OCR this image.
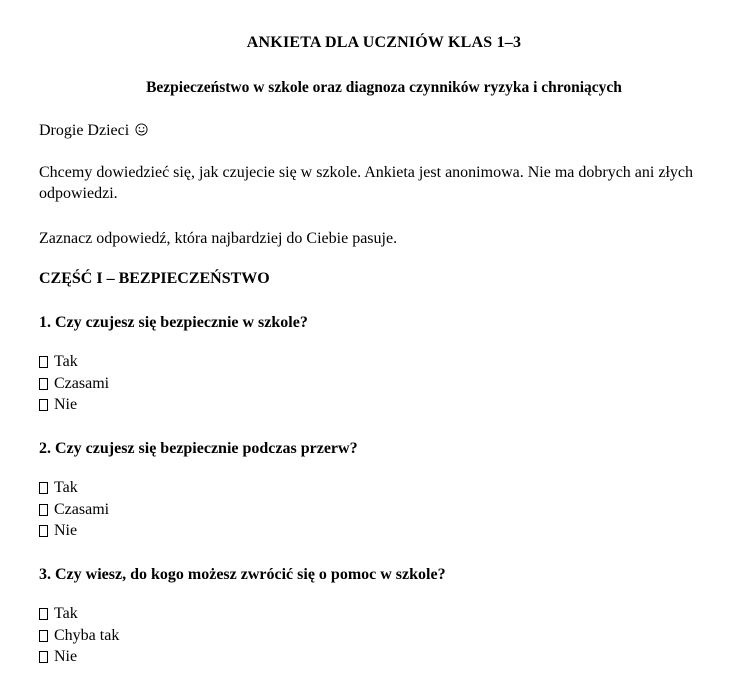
ANKIETA DLA UCZNIÓW KLAS 1–3
Bezpieczeństwo w szkole oraz diagnoza czynników ryzyka i chroniących
Drogie Dzieci
Chcemy dowiedzieć się, jak czujecie się w szkole. Ankieta jest anonimowa. Nie ma dobrych ani złych odpowiedzi.
Zaznacz odpowiedź, która najbardziej do Ciebie pasuje.
CZĘŚĆ I – BEZPIECZEŃSTWO
1. Czy czujesz się bezpiecznie w szkole?
Tak
Czasami
Nie
2. Czy czujesz się bezpiecznie podczas przerw?
Tak
Czasami
Nie
3. Czy wiesz, do kogo możesz zwrócić się o pomoc w szkole?
Tak
Chyba tak
Nie
